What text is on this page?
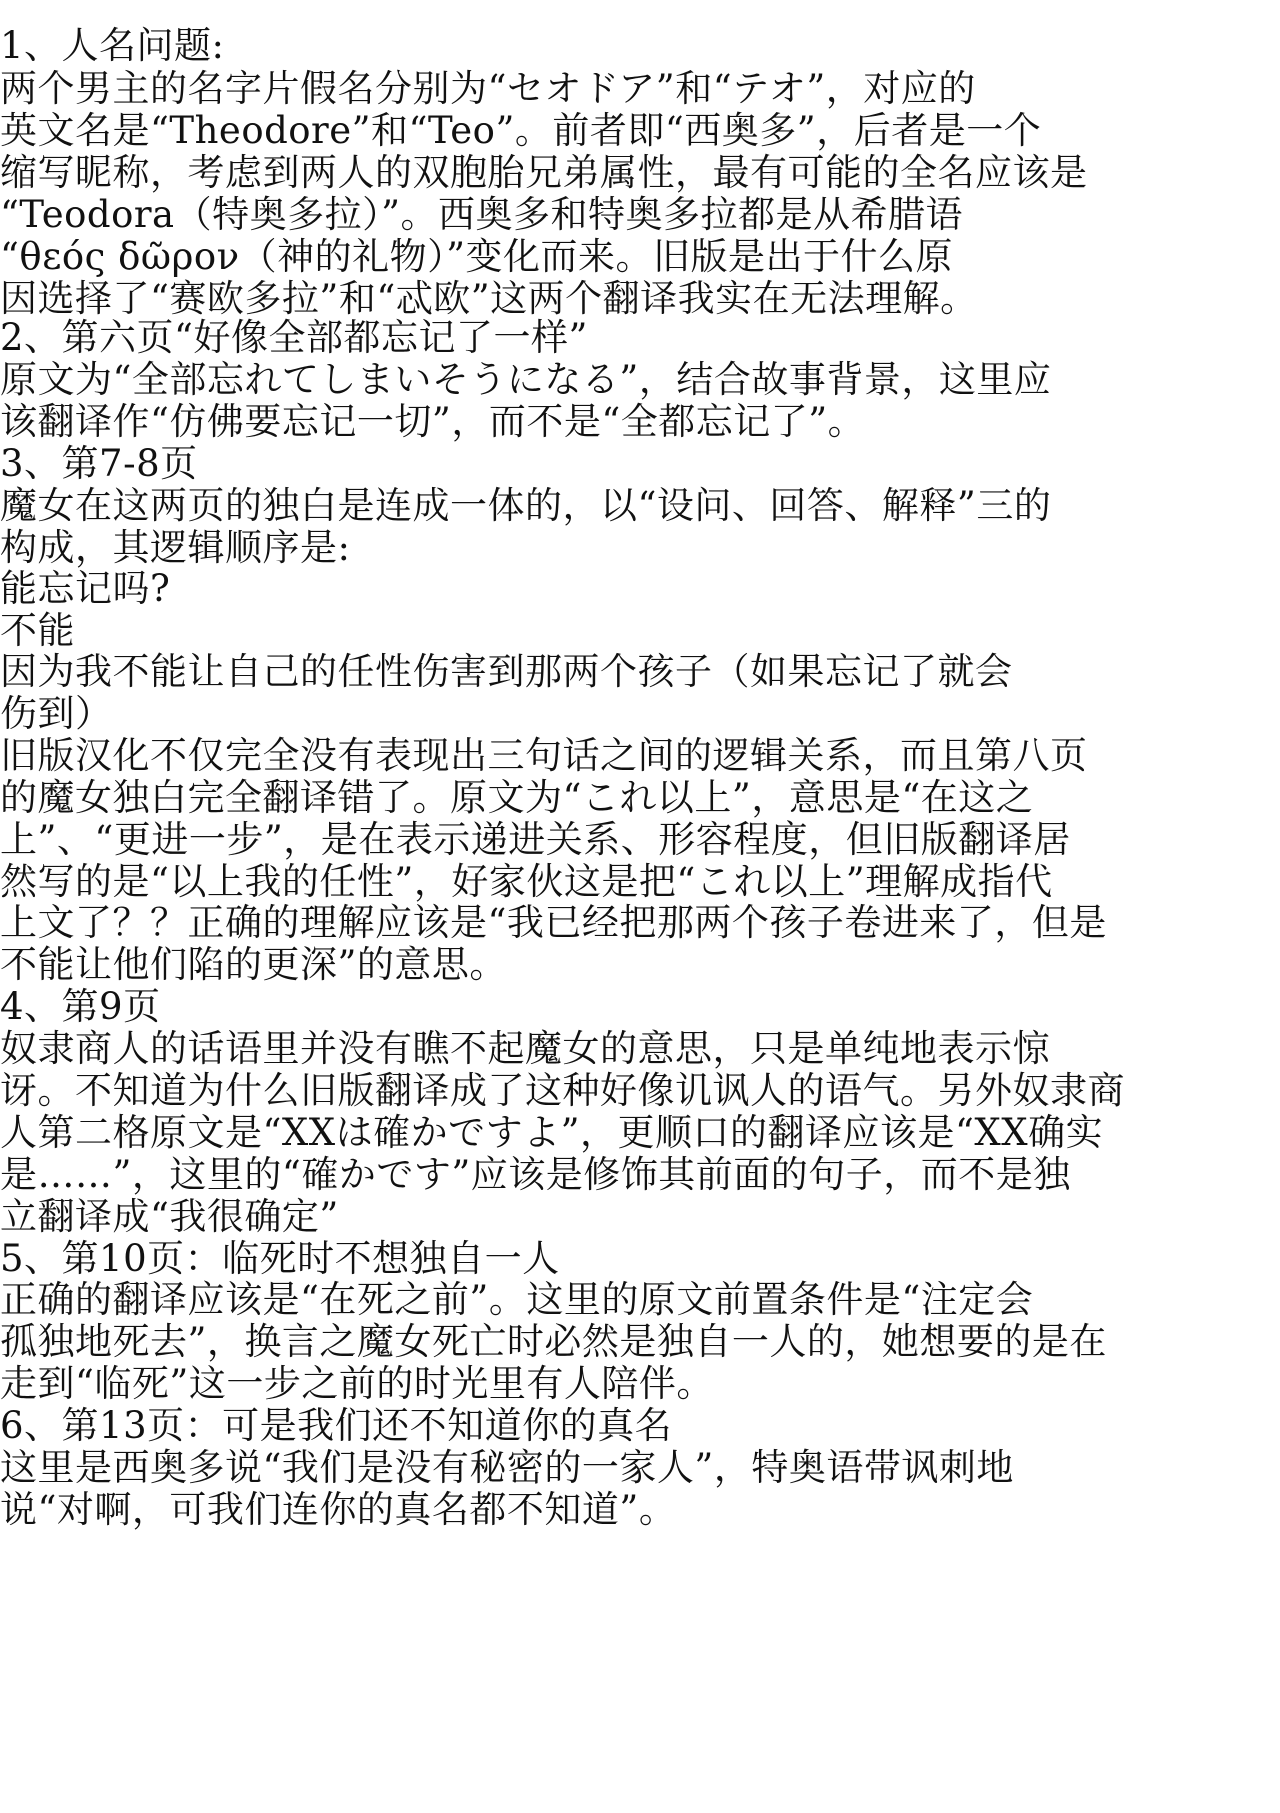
1、人名问题:
两个男主的名字片假名分别为“セオドア”和“テオ”，对应的
英文名是“Theodore”和“Teo”。前者即“西奥多”，后者是一个
缩写昵称，考虑到两人的双胞胎兄弟属性，最有可能的全名应该是
“Teodora（特奥多拉）”。西奥多和特奥多拉都是从希腊语
“θεός δῶρον（神的礼物）”变化而来。旧版是出于什么原
因选择了“赛欧多拉”和“忒欧”这两个翻译我实在无法理解。
2、第六页“好像全部都忘记了一样”
原文为“全部忘れてしまいそうになる”，结合故事背景，这里应
该翻译作“仿佛要忘记一切”，而不是“全都忘记了”。
3、第7-8页
魔女在这两页的独白是连成一体的，以“设问、回答、解释”三的
构成，其逻辑顺序是:
能忘记吗?
不能
因为我不能让自己的任性伤害到那两个孩子（如果忘记了就会
伤到）
旧版汉化不仅完全没有表现出三句话之间的逻辑关系，而且第八页
的魔女独白完全翻译错了。原文为“これ以上”，意思是“在这之
上”、“更进一步”，是在表示递进关系、形容程度，但旧版翻译居
然写的是“以上我的任性”，好家伙这是把“これ以上”理解成指代
上文了？？正确的理解应该是“我已经把那两个孩子卷进来了，但是
不能让他们陷的更深”的意思。
4、第9页
奴隶商人的话语里并没有瞧不起魔女的意思，只是单纯地表示惊
讶。不知道为什么旧版翻译成了这种好像讥讽人的语气。另外奴隶商
人第二格原文是“XXは確かですよ”，更顺口的翻译应该是“XX确实
是……”，这里的“確かです”应该是修饰其前面的句子，而不是独
立翻译成“我很确定”
5、第10页：临死时不想独自一人
正确的翻译应该是“在死之前”。这里的原文前置条件是“注定会
孤独地死去”，换言之魔女死亡时必然是独自一人的，她想要的是在
走到“临死”这一步之前的时光里有人陪伴。
6、第13页：可是我们还不知道你的真名
这里是西奥多说“我们是没有秘密的一家人”，特奥语带讽刺地
说“对啊，可我们连你的真名都不知道”。
